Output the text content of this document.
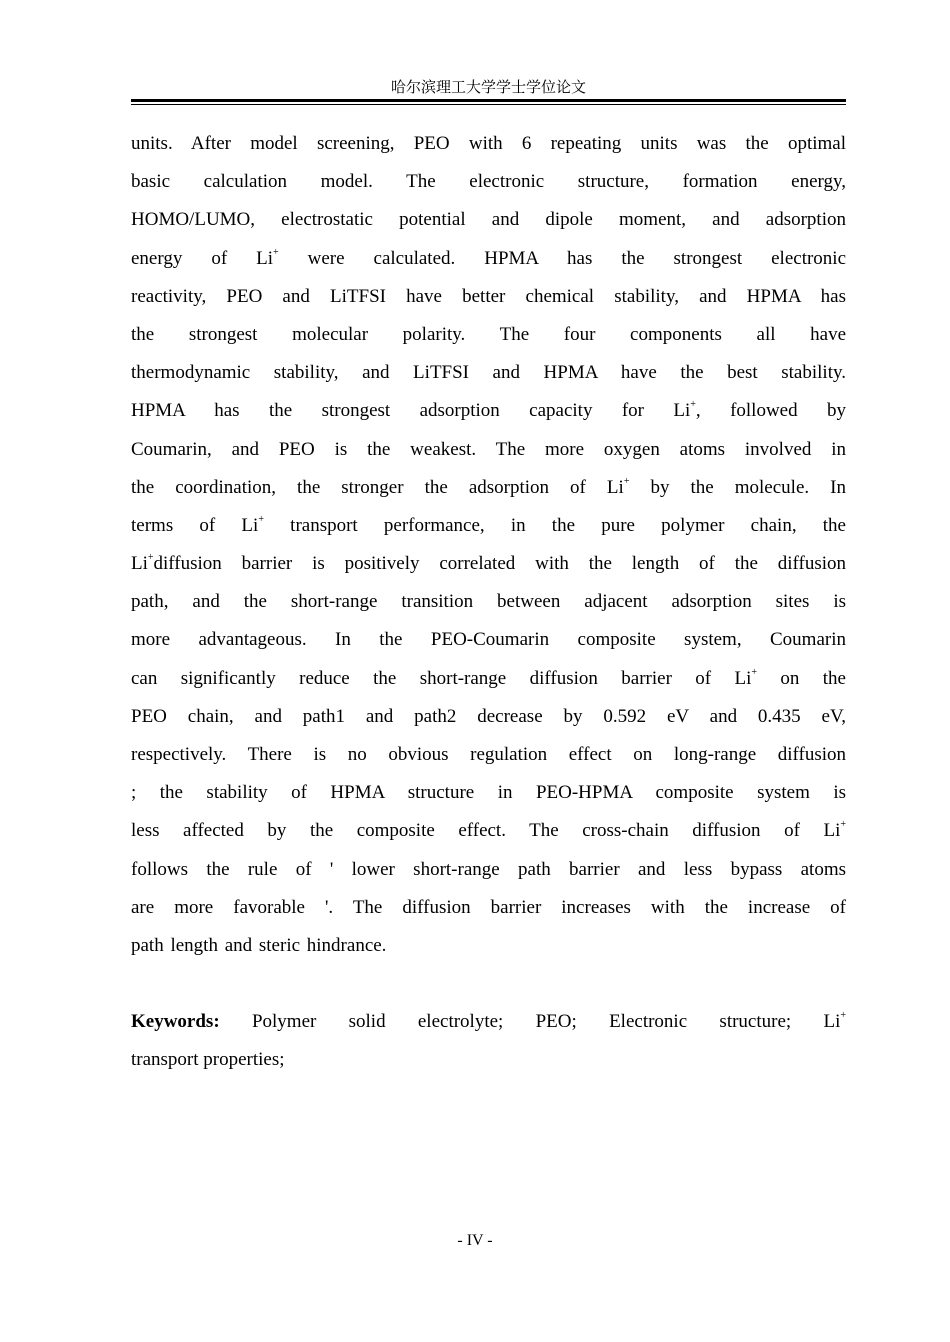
哈尔滨理工大学学士学位论文
units. After model screening, PEO with 6 repeating units was the optimal
basic calculation model. The electronic structure, formation energy,
HOMO/LUMO, electrostatic potential and dipole moment, and adsorption
energy of Li+ were calculated. HPMA has the strongest electronic
reactivity, PEO and LiTFSI have better chemical stability, and HPMA has
the strongest molecular polarity. The four components all have
thermodynamic stability, and LiTFSI and HPMA have the best stability.
HPMA has the strongest adsorption capacity for Li+, followed by
Coumarin, and PEO is the weakest. The more oxygen atoms involved in
the coordination, the stronger the adsorption of Li+ by the molecule. In
terms of Li+ transport performance, in the pure polymer chain, the
Li+diffusion barrier is positively correlated with the length of the diffusion
path, and the short-range transition between adjacent adsorption sites is
more advantageous. In the PEO-Coumarin composite system, Coumarin
can significantly reduce the short-range diffusion barrier of Li+ on the
PEO chain, and path1 and path2 decrease by 0.592 eV and 0.435 eV,
respectively. There is no obvious regulation effect on long-range diffusion
; the stability of HPMA structure in PEO-HPMA composite system is
less affected by the composite effect. The cross-chain diffusion of Li+
follows the rule of ' lower short-range path barrier and less bypass atoms
are more favorable '. The diffusion barrier increases with the increase of
path length and steric hindrance.
Keywords: Polymer solid electrolyte; PEO; Electronic structure; Li+
transport properties;
- IV -
